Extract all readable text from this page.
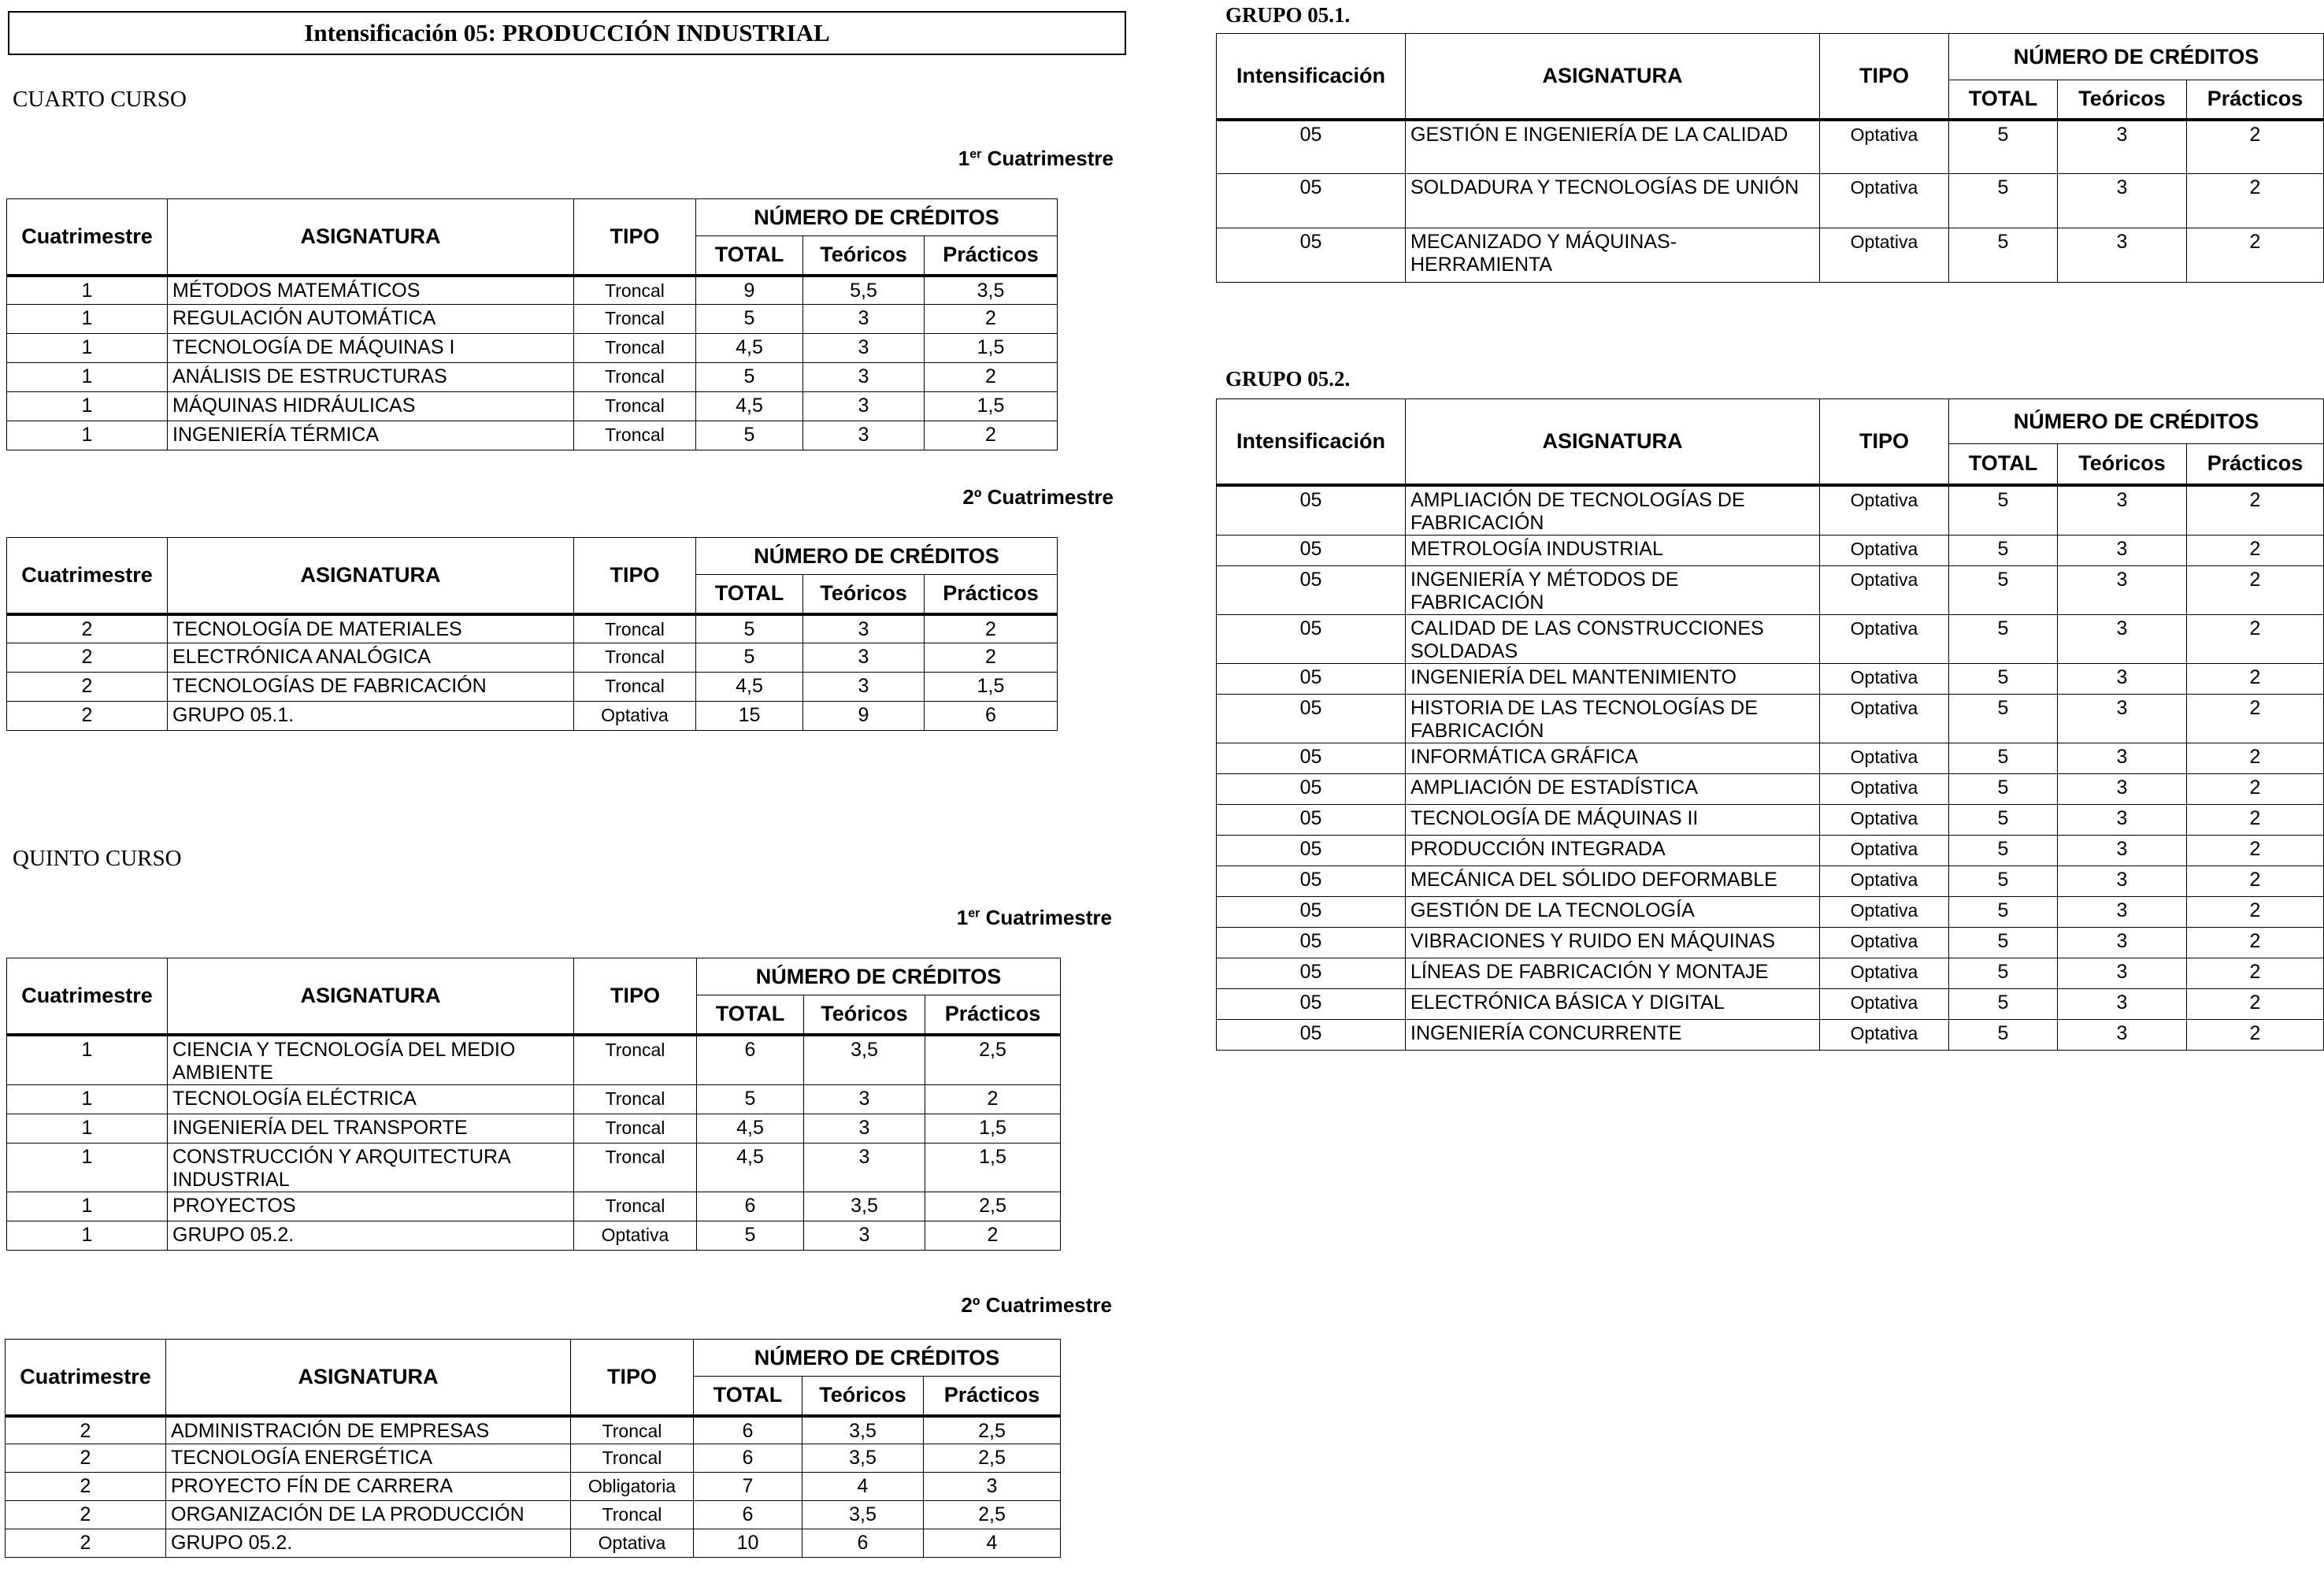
Intensificación 05: PRODUCCIÓN INDUSTRIAL
CUARTO CURSO
1er Cuatrimestre
Cuatrimestre	ASIGNATURA	TIPO	NÚMERO DE CRÉDITOS		
			TOTAL	Teóricos	Prácticos
1	MÉTODOS MATEMÁTICOS	Troncal	9	5,5	3,5
1	REGULACIÓN AUTOMÁTICA	Troncal	5	3	2
1	TECNOLOGÍA DE MÁQUINAS I	Troncal	4,5	3	1,5
1	ANÁLISIS DE ESTRUCTURAS	Troncal	5	3	2
1	MÁQUINAS HIDRÁULICAS	Troncal	4,5	3	1,5
1	INGENIERÍA TÉRMICA	Troncal	5	3	2
2º Cuatrimestre
Cuatrimestre	ASIGNATURA	TIPO	NÚMERO DE CRÉDITOS		
			TOTAL	Teóricos	Prácticos
2	TECNOLOGÍA DE MATERIALES	Troncal	5	3	2
2	ELECTRÓNICA ANALÓGICA	Troncal	5	3	2
2	TECNOLOGÍAS DE FABRICACIÓN	Troncal	4,5	3	1,5
2	GRUPO 05.1.	Optativa	15	9	6
QUINTO CURSO
1er Cuatrimestre
Cuatrimestre	ASIGNATURA	TIPO	NÚMERO DE CRÉDITOS		
			TOTAL	Teóricos	Prácticos
1	CIENCIA Y TECNOLOGÍA DEL MEDIO AMBIENTE	Troncal	6	3,5	2,5
1	TECNOLOGÍA ELÉCTRICA	Troncal	5	3	2
1	INGENIERÍA DEL TRANSPORTE	Troncal	4,5	3	1,5
1	CONSTRUCCIÓN Y ARQUITECTURA INDUSTRIAL	Troncal	4,5	3	1,5
1	PROYECTOS	Troncal	6	3,5	2,5
1	GRUPO 05.2.	Optativa	5	3	2
2º Cuatrimestre
Cuatrimestre	ASIGNATURA	TIPO	NÚMERO DE CRÉDITOS		
			TOTAL	Teóricos	Prácticos
2	ADMINISTRACIÓN DE EMPRESAS	Troncal	6	3,5	2,5
2	TECNOLOGÍA ENERGÉTICA	Troncal	6	3,5	2,5
2	PROYECTO FÍN DE CARRERA	Obligatoria	7	4	3
2	ORGANIZACIÓN DE LA PRODUCCIÓN	Troncal	6	3,5	2,5
2	GRUPO 05.2.	Optativa	10	6	4
GRUPO 05.1.
Intensificación	ASIGNATURA	TIPO	NÚMERO DE CRÉDITOS		
			TOTAL	Teóricos	Prácticos
05	GESTIÓN E INGENIERÍA DE LA CALIDAD	Optativa	5	3	2
05	SOLDADURA Y TECNOLOGÍAS DE UNIÓN	Optativa	5	3	2
05	MECANIZADO Y MÁQUINAS-HERRAMIENTA	Optativa	5	3	2
GRUPO 05.2.
Intensificación	ASIGNATURA	TIPO	NÚMERO DE CRÉDITOS		
			TOTAL	Teóricos	Prácticos
05	AMPLIACIÓN DE TECNOLOGÍAS DE FABRICACIÓN	Optativa	5	3	2
05	METROLOGÍA INDUSTRIAL	Optativa	5	3	2
05	INGENIERÍA Y MÉTODOS DE FABRICACIÓN	Optativa	5	3	2
05	CALIDAD DE LAS CONSTRUCCIONES SOLDADAS	Optativa	5	3	2
05	INGENIERÍA DEL MANTENIMIENTO	Optativa	5	3	2
05	HISTORIA DE LAS TECNOLOGÍAS DE FABRICACIÓN	Optativa	5	3	2
05	INFORMÁTICA GRÁFICA	Optativa	5	3	2
05	AMPLIACIÓN DE ESTADÍSTICA	Optativa	5	3	2
05	TECNOLOGÍA DE MÁQUINAS II	Optativa	5	3	2
05	PRODUCCIÓN INTEGRADA	Optativa	5	3	2
05	MECÁNICA DEL SÓLIDO DEFORMABLE	Optativa	5	3	2
05	GESTIÓN DE LA TECNOLOGÍA	Optativa	5	3	2
05	VIBRACIONES Y RUIDO EN MÁQUINAS	Optativa	5	3	2
05	LÍNEAS DE FABRICACIÓN Y MONTAJE	Optativa	5	3	2
05	ELECTRÓNICA BÁSICA Y DIGITAL	Optativa	5	3	2
05	INGENIERÍA CONCURRENTE	Optativa	5	3	2
